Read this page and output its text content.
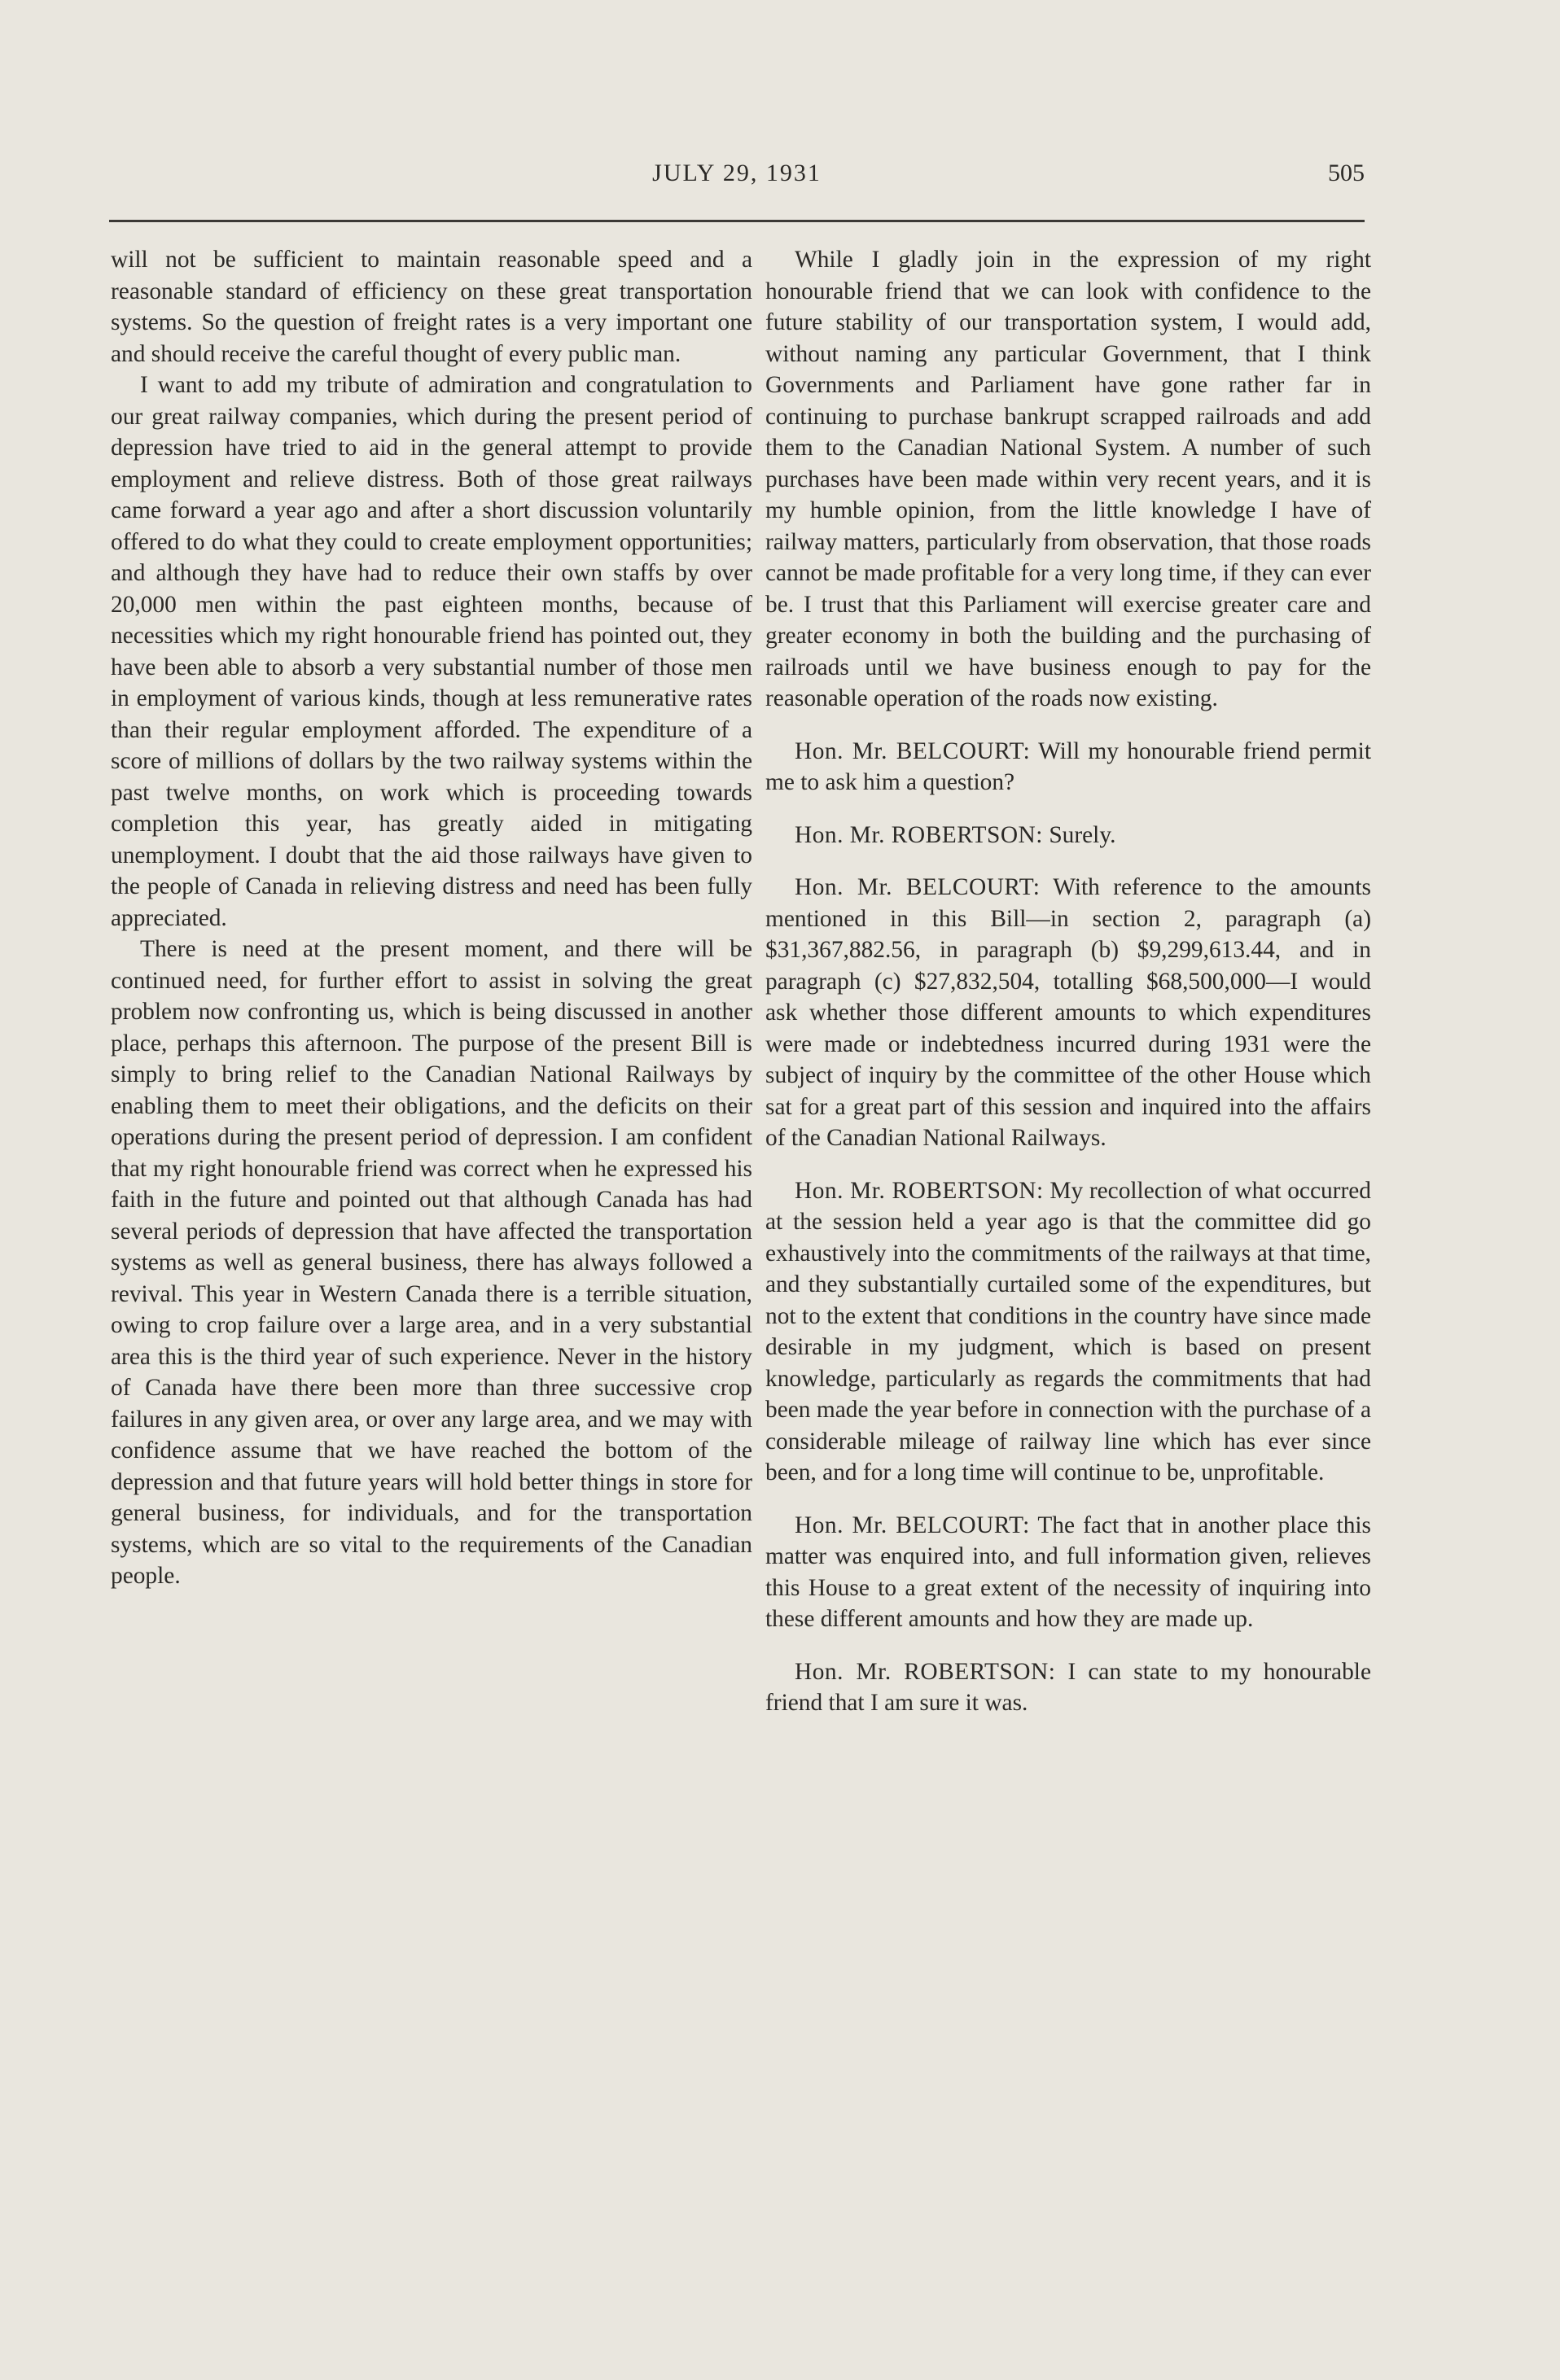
JULY 29, 1931	505

will not be sufficient to maintain reasonable speed and a reasonable standard of efficiency on these great transportation systems. So the question of freight rates is a very important one and should receive the careful thought of every public man.

I want to add my tribute of admiration and congratulation to our great railway companies, which during the present period of depression have tried to aid in the general attempt to provide employment and relieve distress. Both of those great railways came forward a year ago and after a short discussion voluntarily offered to do what they could to create employment opportunities; and although they have had to reduce their own staffs by over 20,000 men within the past eighteen months, because of necessities which my right honourable friend has pointed out, they have been able to absorb a very substantial number of those men in employment of various kinds, though at less remunerative rates than their regular employment afforded. The expenditure of a score of millions of dollars by the two railway systems within the past twelve months, on work which is proceeding towards completion this year, has greatly aided in mitigating unemployment. I doubt that the aid those railways have given to the people of Canada in relieving distress and need has been fully appreciated.

There is need at the present moment, and there will be continued need, for further effort to assist in solving the great problem now confronting us, which is being discussed in another place, perhaps this afternoon. The purpose of the present Bill is simply to bring relief to the Canadian National Railways by enabling them to meet their obligations, and the deficits on their operations during the present period of depression. I am confident that my right honourable friend was correct when he expressed his faith in the future and pointed out that although Canada has had several periods of depression that have affected the transportation systems as well as general business, there has always followed a revival. This year in Western Canada there is a terrible situation, owing to crop failure over a large area, and in a very substantial area this is the third year of such experience. Never in the history of Canada have there been more than three successive crop failures in any given area, or over any large area, and we may with confidence assume that we have reached the bottom of the depression and that future years will hold better things in store for general business, for individuals, and for the transportation systems, which are so vital to the requirements of the Canadian people.

While I gladly join in the expression of my right honourable friend that we can look with confidence to the future stability of our transportation system, I would add, without naming any particular Government, that I think Governments and Parliament have gone rather far in continuing to purchase bankrupt scrapped railroads and add them to the Canadian National System. A number of such purchases have been made within very recent years, and it is my humble opinion, from the little knowledge I have of railway matters, particularly from observation, that those roads cannot be made profitable for a very long time, if they can ever be. I trust that this Parliament will exercise greater care and greater economy in both the building and the purchasing of railroads until we have business enough to pay for the reasonable operation of the roads now existing.

Hon. Mr. BELCOURT: Will my honourable friend permit me to ask him a question?

Hon. Mr. ROBERTSON: Surely.

Hon. Mr. BELCOURT: With reference to the amounts mentioned in this Bill—in section 2, paragraph (a) $31,367,882.56, in paragraph (b) $9,299,613.44, and in paragraph (c) $27,832,504, totalling $68,500,000—I would ask whether those different amounts to which expenditures were made or indebtedness incurred during 1931 were the subject of inquiry by the committee of the other House which sat for a great part of this session and inquired into the affairs of the Canadian National Railways.

Hon. Mr. ROBERTSON: My recollection of what occurred at the session held a year ago is that the committee did go exhaustively into the commitments of the railways at that time, and they substantially curtailed some of the expenditures, but not to the extent that conditions in the country have since made desirable in my judgment, which is based on present knowledge, particularly as regards the commitments that had been made the year before in connection with the purchase of a considerable mileage of railway line which has ever since been, and for a long time will continue to be, unprofitable.

Hon. Mr. BELCOURT: The fact that in another place this matter was enquired into, and full information given, relieves this House to a great extent of the necessity of inquiring into these different amounts and how they are made up.

Hon. Mr. ROBERTSON: I can state to my honourable friend that I am sure it was.
